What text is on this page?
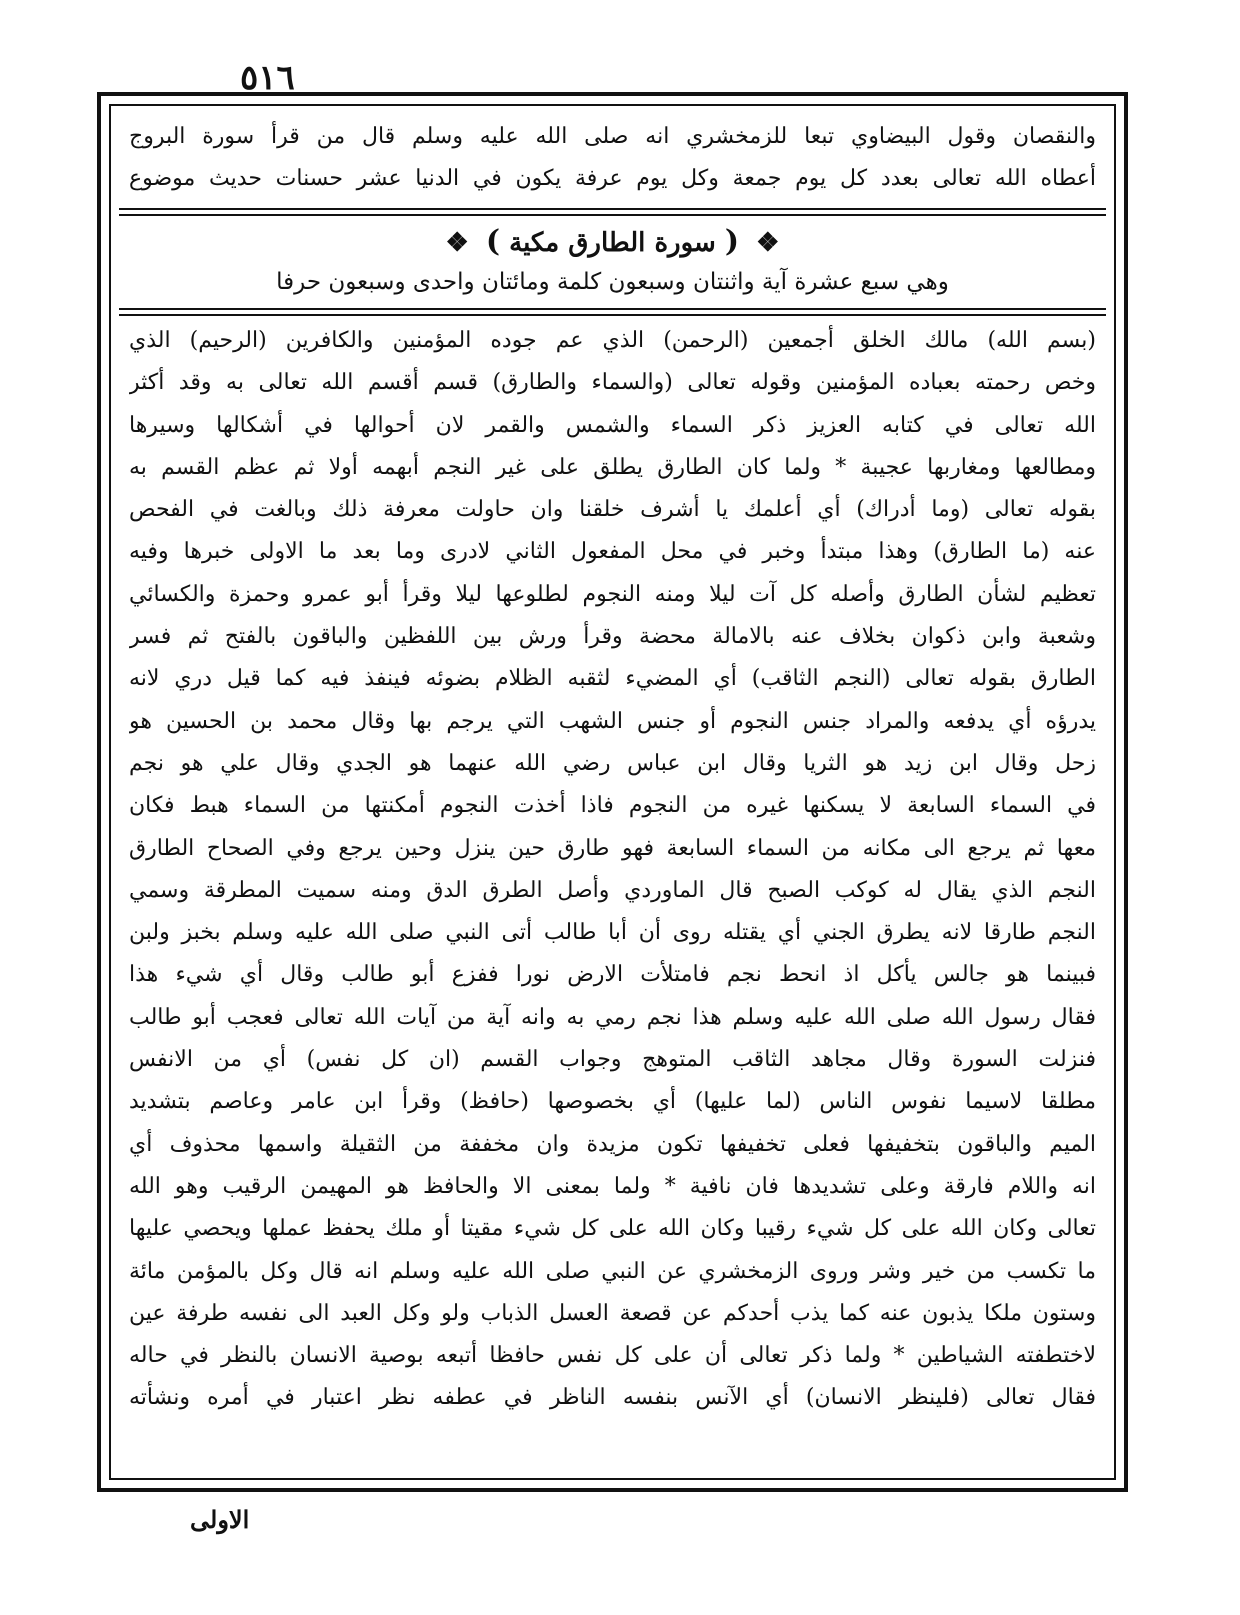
٥١٦
والنقصان وقول البيضاوي تبعا للزمخشري انه صلى الله عليه وسلم قال من قرأ سورة البروج
أعطاه الله تعالى بعدد كل يوم جمعة وكل يوم عرفة يكون في الدنيا عشر حسنات حديث موضوع
❖ ( سورة الطارق مكية ) ❖
وهي سبع عشرة آية واثنتان وسبعون كلمة ومائتان واحدى وسبعون حرفا
(بسم الله) مالك الخلق أجمعين (الرحمن) الذي عم جوده المؤمنين والكافرين (الرحيم) الذي
وخص رحمته بعباده المؤمنين وقوله تعالى (والسماء والطارق) قسم أقسم الله تعالى به وقد أكثر
الله تعالى في كتابه العزيز ذكر السماء والشمس والقمر لان أحوالها في أشكالها وسيرها
ومطالعها ومغاربها عجيبة * ولما كان الطارق يطلق على غير النجم أبهمه أولا ثم عظم القسم به
بقوله تعالى (وما أدراك) أي أعلمك يا أشرف خلقنا وان حاولت معرفة ذلك وبالغت في الفحص
عنه (ما الطارق) وهذا مبتدأ وخبر في محل المفعول الثاني لادرى وما بعد ما الاولى خبرها وفيه
تعظيم لشأن الطارق وأصله كل آت ليلا ومنه النجوم لطلوعها ليلا وقرأ أبو عمرو وحمزة والكسائي
وشعبة وابن ذكوان بخلاف عنه بالامالة محضة وقرأ ورش بين اللفظين والباقون بالفتح ثم فسر
الطارق بقوله تعالى (النجم الثاقب) أي المضيء لثقبه الظلام بضوئه فينفذ فيه كما قيل دري لانه
يدرؤه أي يدفعه والمراد جنس النجوم أو جنس الشهب التي يرجم بها وقال محمد بن الحسين هو
زحل وقال ابن زيد هو الثريا وقال ابن عباس رضي الله عنهما هو الجدي وقال علي هو نجم
في السماء السابعة لا يسكنها غيره من النجوم فاذا أخذت النجوم أمكنتها من السماء هبط فكان
معها ثم يرجع الى مكانه من السماء السابعة فهو طارق حين ينزل وحين يرجع وفي الصحاح الطارق
النجم الذي يقال له كوكب الصبح قال الماوردي وأصل الطرق الدق ومنه سميت المطرقة وسمي
النجم طارقا لانه يطرق الجني أي يقتله روى أن أبا طالب أتى النبي صلى الله عليه وسلم بخبز ولبن
فبينما هو جالس يأكل اذ انحط نجم فامتلأت الارض نورا ففزع أبو طالب وقال أي شيء هذا
فقال رسول الله صلى الله عليه وسلم هذا نجم رمي به وانه آية من آيات الله تعالى فعجب أبو طالب
فنزلت السورة وقال مجاهد الثاقب المتوهج وجواب القسم (ان كل نفس) أي من الانفس
مطلقا لاسيما نفوس الناس (لما عليها) أي بخصوصها (حافظ) وقرأ ابن عامر وعاصم بتشديد
الميم والباقون بتخفيفها فعلى تخفيفها تكون مزيدة وان مخففة من الثقيلة واسمها محذوف أي
انه واللام فارقة وعلى تشديدها فان نافية * ولما بمعنى الا والحافظ هو المهيمن الرقيب وهو الله
تعالى وكان الله على كل شيء رقيبا وكان الله على كل شيء مقيتا أو ملك يحفظ عملها ويحصي عليها
ما تكسب من خير وشر وروى الزمخشري عن النبي صلى الله عليه وسلم انه قال وكل بالمؤمن مائة
وستون ملكا يذبون عنه كما يذب أحدكم عن قصعة العسل الذباب ولو وكل العبد الى نفسه طرفة عين
لاختطفته الشياطين * ولما ذكر تعالى أن على كل نفس حافظا أتبعه بوصية الانسان بالنظر في حاله
فقال تعالى (فلينظر الانسان) أي الآنس بنفسه الناظر في عطفه نظر اعتبار في أمره ونشأته
الاولى
